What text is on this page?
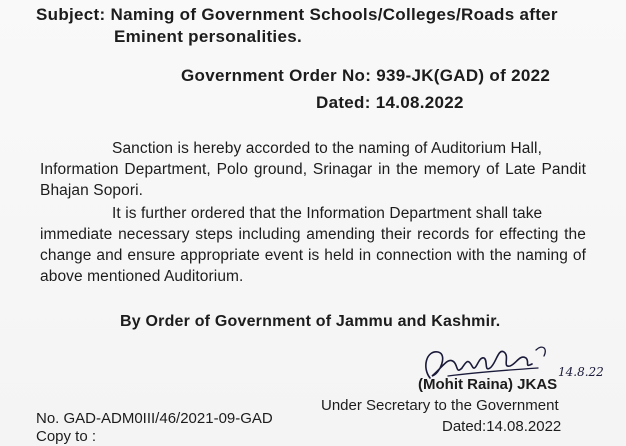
Subject: Naming of Government Schools/Colleges/Roads after
Eminent personalities.
Government Order No: 939-JK(GAD) of 2022
Dated: 14.08.2022
Sanction is hereby accorded to the naming of Auditorium Hall,
Information Department, Polo ground, Srinagar in the memory of Late Pandit Bhajan Sopori.
It is further ordered that the Information Department shall take
immediate necessary steps including amending their records for effecting the change and ensure appropriate event is held in connection with the naming of above mentioned Auditorium.
By Order of Government of Jammu and Kashmir.
14.8.22
(Mohit Raina) JKAS
Under Secretary to the Government
Dated:14.08.2022
No. GAD-ADM0III/46/2021-09-GAD
Copy to :
